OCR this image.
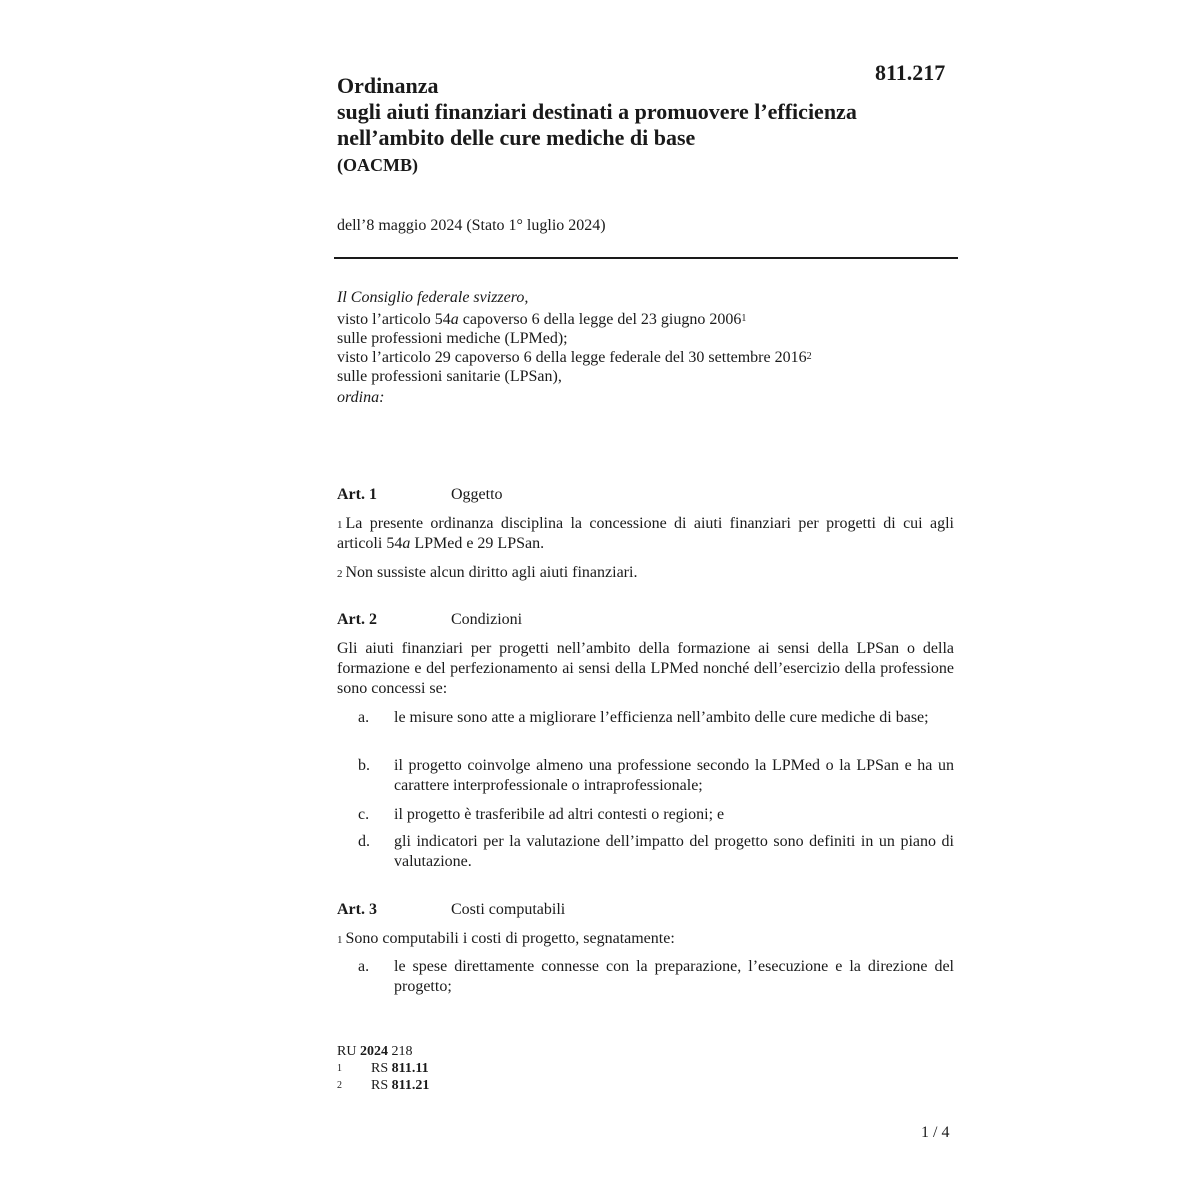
811.217
Ordinanza
sugli aiuti finanziari destinati a promuovere l’efficienza
nell’ambito delle cure mediche di base
(OACMB)
dell’8 maggio 2024 (Stato 1° luglio 2024)
Il Consiglio federale svizzero,
visto l’articolo 54a capoverso 6 della legge del 23 giugno 2006$^1$
sulle professioni mediche (LPMed);
visto l’articolo 29 capoverso 6 della legge federale del 30 settembre 2016$^2$
sulle professioni sanitarie (LPSan),
ordina:
Art. 1	Oggetto
$^1$ La presente ordinanza disciplina la concessione di aiuti finanziari per progetti di cui agli articoli 54a LPMed e 29 LPSan.
$^2$ Non sussiste alcun diritto agli aiuti finanziari.
Art. 2	Condizioni
Gli aiuti finanziari per progetti nell’ambito della formazione ai sensi della LPSan o della formazione e del perfezionamento ai sensi della LPMed nonché dell’esercizio della professione sono concessi se:
a. le misure sono atte a migliorare l’efficienza nell’ambito delle cure mediche di base;
b. il progetto coinvolge almeno una professione secondo la LPMed o la LPSan e ha un carattere interprofessionale o intraprofessionale;
c. il progetto è trasferibile ad altri contesti o regioni; e
d. gli indicatori per la valutazione dell’impatto del progetto sono definiti in un piano di valutazione.
Art. 3	Costi computabili
$^1$ Sono computabili i costi di progetto, segnatamente:
a. le spese direttamente connesse con la preparazione, l’esecuzione e la direzione del progetto;
RU 2024 218
1	RS 811.11
2	RS 811.21
1 / 4
